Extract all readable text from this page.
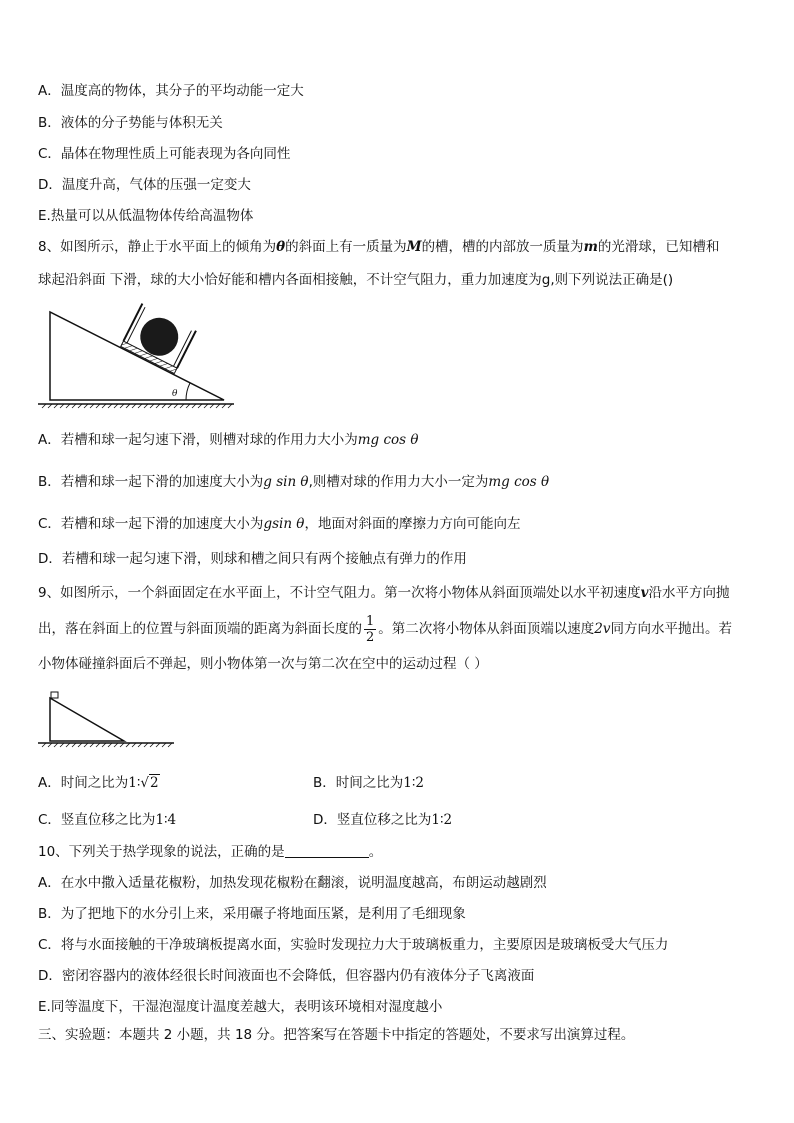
A．温度高的物体，其分子的平均动能一定大
B．液体的分子势能与体积无关
C．晶体在物理性质上可能表现为各向同性
D．温度升高，气体的压强一定变大
E.热量可以从低温物体传给高温物体
8、如图所示，静止于水平面上的倾角为θ的斜面上有一质量为M的槽，槽的内部放一质量为m的光滑球，已知槽和
球起沿斜面 下滑，球的大小恰好能和槽内各面相接触，不计空气阻力，重力加速度为g,则下列说法正确是()
θ
A．若槽和球一起匀速下滑，则槽对球的作用力大小为mg cos θ
B．若槽和球一起下滑的加速度大小为g sin θ,则槽对球的作用力大小一定为mg cos θ
C．若槽和球一起下滑的加速度大小为gsin θ，地面对斜面的摩擦力方向可能向左
D．若槽和球一起匀速下滑，则球和槽之间只有两个接触点有弹力的作用
9、如图所示，一个斜面固定在水平面上，不计空气阻力。第一次将小物体从斜面顶端处以水平初速度v沿水平方向抛
出，落在斜面上的位置与斜面顶端的距离为斜面长度的 $\frac{1}{2}$ 。第二次将小物体从斜面顶端以速度2v同方向水平抛出。若
小物体碰撞斜面后不弹起，则小物体第一次与第二次在空中的运动过程（ ）
A．时间之比为1∶√2	B．时间之比为1∶2
C．竖直位移之比为1∶4	D．竖直位移之比为1∶2
10、下列关于热学现象的说法，正确的是	。
A．在水中撒入适量花椒粉，加热发现花椒粉在翻滚，说明温度越高，布朗运动越剧烈
B．为了把地下的水分引上来，采用碾子将地面压紧，是利用了毛细现象
C．将与水面接触的干净玻璃板提离水面，实验时发现拉力大于玻璃板重力，主要原因是玻璃板受大气压力
D．密闭容器内的液体经很长时间液面也不会降低，但容器内仍有液体分子飞离液面
E.同等温度下，干湿泡湿度计温度差越大，表明该环境相对湿度越小
三、实验题：本题共 2 小题，共 18 分。把答案写在答题卡中指定的答题处，不要求写出演算过程。
